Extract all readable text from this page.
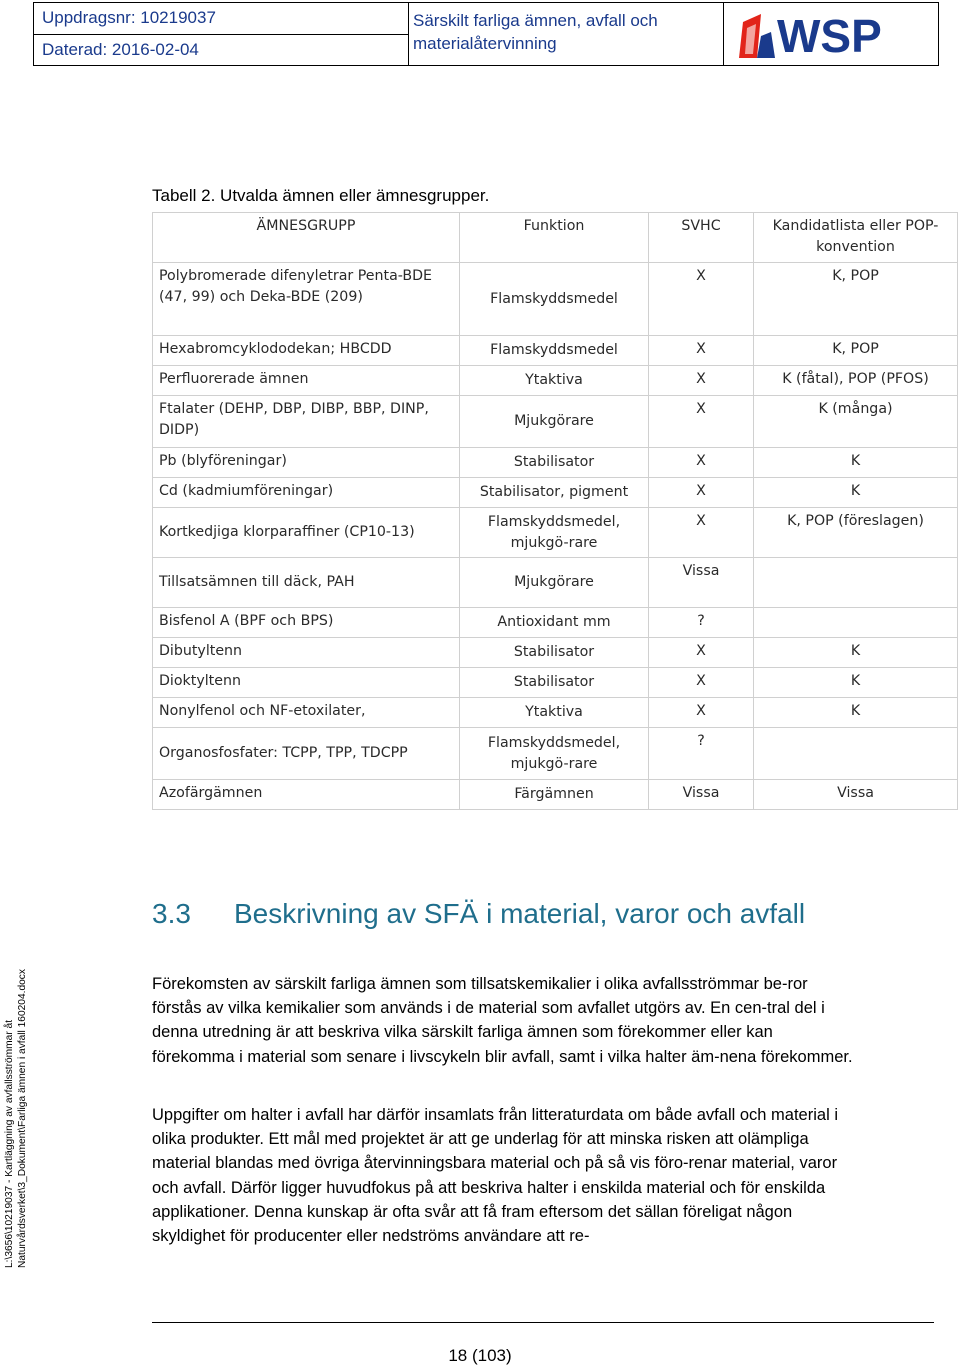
Uppdragsnr: 10219037
Daterad: 2016-02-04
Särskilt farliga ämnen, avfall och
materialåtervinning	WSP
Tabell 2. Utvalda ämnen eller ämnesgrupper.
ÄMNESGRUPP	Funktion	SVHC	Kandidatlista eller POP-konvention
Polybromerade difenyletrar Penta-BDE (47, 99) och Deka-BDE (209)	Flamskyddsmedel	X	K, POP
Hexabromcyklododekan; HBCDD	Flamskyddsmedel	X	K, POP
Perfluorerade ämnen	Ytaktiva	X	K (fåtal), POP (PFOS)
Ftalater (DEHP, DBP, DIBP, BBP, DINP, DIDP)	Mjukgörare	X	K (många)
Pb (blyföreningar)	Stabilisator	X	K
Cd (kadmiumföreningar)	Stabilisator, pigment	X	K
Kortkedjiga klorparaffiner (CP10-13)	Flamskyddsmedel, mjukgö-rare	X	K, POP (föreslagen)
Tillsatsämnen till däck, PAH	Mjukgörare	Vissa	
Bisfenol A (BPF och BPS)	Antioxidant mm	?	
Dibutyltenn	Stabilisator	X	K
Dioktyltenn	Stabilisator	X	K
Nonylfenol och NF-etoxilater,	Ytaktiva	X	K
Organosfosfater: TCPP, TPP, TDCPP	Flamskyddsmedel, mjukgö-rare	?	
Azofärgämnen	Färgämnen	Vissa	Vissa
3.3 Beskrivning av SFÄ i material, varor och avfall
Förekomsten av särskilt farliga ämnen som tillsatskemikalier i olika avfallsströmmar be-ror förstås av vilka kemikalier som används i de material som avfallet utgörs av. En cen-tral del i denna utredning är att beskriva vilka särskilt farliga ämnen som förekommer eller kan förekomma i material som senare i livscykeln blir avfall, samt i vilka halter äm-nena förekommer.
Uppgifter om halter i avfall har därför insamlats från litteraturdata om både avfall och material i olika produkter. Ett mål med projektet är att ge underlag för att minska risken att olämpliga material blandas med övriga återvinningsbara material och på så vis förо-renar material, varor och avfall. Därför ligger huvudfokus på att beskriva halter i enskilda material och för enskilda applikationer. Denna kunskap är ofta svår att få fram eftersom det sällan föreligat någon skyldighet för producenter eller nedströms användare att re-
L:\3656\10219037 - Kartläggning av avfallsströmmar åt Naturvårdsverket\3_Dokument\Farliga ämnen i avfall 160204.docx
18 (103)
